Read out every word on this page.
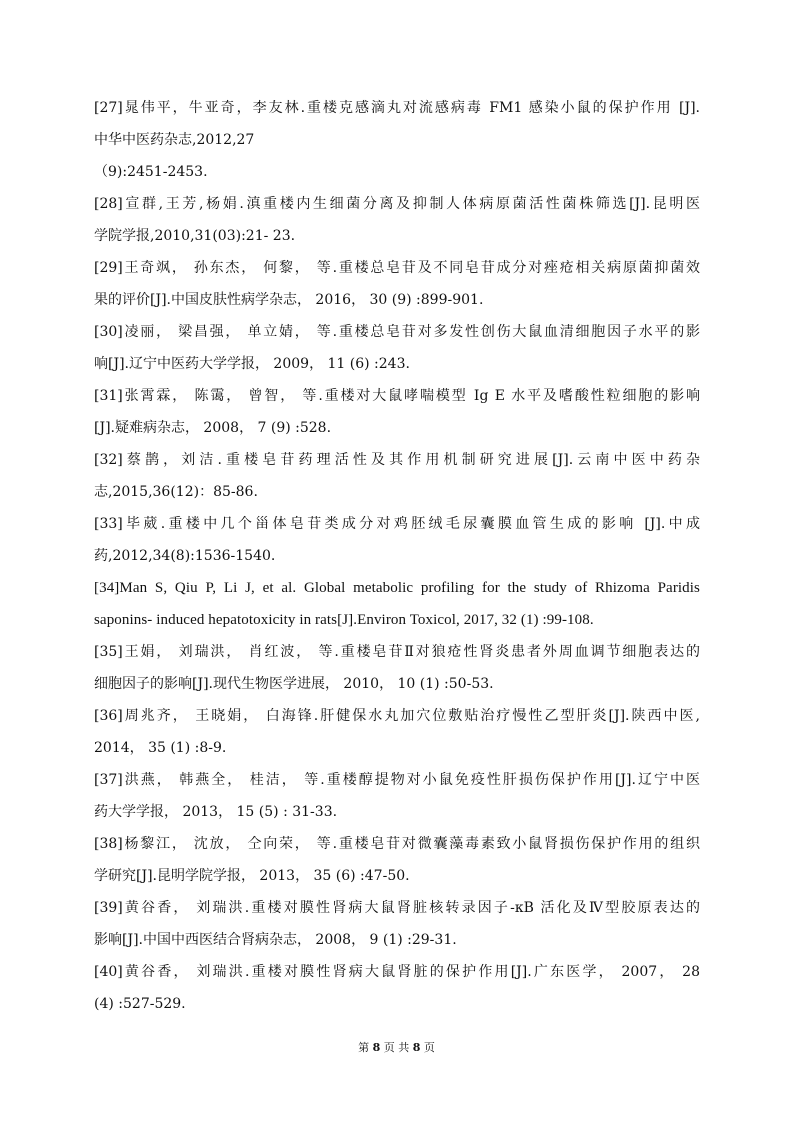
[27]晁伟平，牛亚奇，李友林.重楼克感滴丸对流感病毒 FM1 感染小鼠的保护作用 [J].
中华中医药杂志,2012,27
（9):2451-2453.
[28]宣群,王芳,杨娟.滇重楼内生细菌分离及抑制人体病原菌活性菌株筛选[J].昆明医
学院学报,2010,31(03):21- 23.
[29]王奇飒， 孙东杰， 何黎， 等.重楼总皂苷及不同皂苷成分对痤疮相关病原菌抑菌效
果的评价[J].中国皮肤性病学杂志， 2016， 30 (9) :899-901.
[30]凌丽， 梁昌强， 单立婧， 等.重楼总皂苷对多发性创伤大鼠血清细胞因子水平的影
响[J].辽宁中医药大学学报， 2009， 11 (6) :243.
[31]张霄霖， 陈霭， 曾智， 等.重楼对大鼠哮喘模型 Ig E 水平及嗜酸性粒细胞的影响
[J].疑难病杂志， 2008， 7 (9) :528.
[32]蔡鹊，刘洁.重楼皂苷药理活性及其作用机制研究进展[J].云南中医中药杂
志,2015,36(12)：85-86.
[33]毕葳.重楼中几个甾体皂苷类成分对鸡胚绒毛尿囊膜血管生成的影响 [J].中成
药,2012,34(8):1536-1540.
[34]Man S, Qiu P, Li J, et al. Global metabolic profiling for the study of Rhizoma Paridis
saponins- induced hepatotoxicity in rats[J].Environ Toxicol, 2017, 32 (1) :99-108.
[35]王娟， 刘瑞洪， 肖红波， 等.重楼皂苷Ⅱ对狼疮性肾炎患者外周血调节细胞表达的
细胞因子的影响[J].现代生物医学进展， 2010， 10 (1) :50-53.
[36]周兆齐， 王晓娟， 白海锋.肝健保水丸加穴位敷贴治疗慢性乙型肝炎[J].陕西中医,
2014， 35 (1) :8-9.
[37]洪燕， 韩燕全， 桂洁， 等.重楼醇提物对小鼠免疫性肝损伤保护作用[J].辽宁中医
药大学学报， 2013， 15 (5) : 31-33.
[38]杨黎江， 沈放， 仝向荣， 等.重楼皂苷对微囊藻毒素致小鼠肾损伤保护作用的组织
学研究[J].昆明学院学报， 2013， 35 (6) :47-50.
[39]黄谷香， 刘瑞洪.重楼对膜性肾病大鼠肾脏核转录因子-κB 活化及Ⅳ型胶原表达的
影响[J].中国中西医结合肾病杂志， 2008， 9 (1) :29-31.
[40]黄谷香， 刘瑞洪.重楼对膜性肾病大鼠肾脏的保护作用[J].广东医学， 2007， 28
(4) :527-529.
第 8 页 共 8 页
